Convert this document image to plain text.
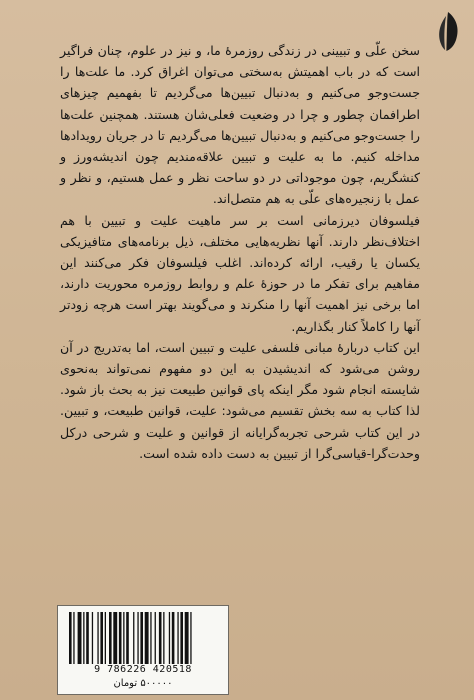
سخن علّی و تبیینی در زندگی روزمرهٔ ما، و نیز در علوم، چنان فراگیر است که در باب اهمیتش به‌سختی می‌توان اغراق کرد. ما علت‌ها را جست‌وجو می‌کنیم و به‌دنبال تبیین‌ها می‌گردیم تا بفهمیم چیزهای اطرافمان چطور و چرا در وضعیت فعلی‌شان هستند. همچنین علت‌ها را جست‌وجو می‌کنیم و به‌دنبال تبیین‌ها می‌گردیم تا در جریان رویدادها مداخله کنیم. ما به علیت و تبیین علاقه‌مندیم چون اندیشه‌ورز و کنشگریم، چون موجوداتی در دو ساحت نظر و عمل هستیم، و نظر و عمل با زنجیره‌های علّی به هم متصل‌اند.

فیلسوفان دیرزمانی است بر سر ماهیت علیت و تبیین با هم اختلاف‌نظر دارند. آنها نظریه‌هایی مختلف، ذیل برنامه‌های متافیزیکی یکسان یا رقیب، ارائه کرده‌اند. اغلب فیلسوفان فکر می‌کنند این مفاهیم برای تفکر ما در حوزهٔ علم و روابط روزمره محوریت دارند، اما برخی نیز اهمیت آنها را منکرند و می‌گویند بهتر است هرچه زودتر آنها را کاملاً کنار بگذاریم.

این کتاب دربارهٔ مبانی فلسفی علیت و تبیین است، اما به‌تدریج در آن روشن می‌شود که اندیشیدن به این دو مفهوم نمی‌تواند به‌نحوی شایسته انجام شود مگر اینکه پای قوانین طبیعت نیز به بحث باز شود. لذا کتاب به سه بخش تقسیم می‌شود: علیت، قوانین طبیعت، و تبیین. در این کتاب شرحی تجربه‌گرایانه از قوانین و علیت و شرحی درکل وحدت‌گرا-قیاسی‌گرا از تبیین به دست داده شده است.

9 786226 420518
۵۰۰۰۰۰ تومان
